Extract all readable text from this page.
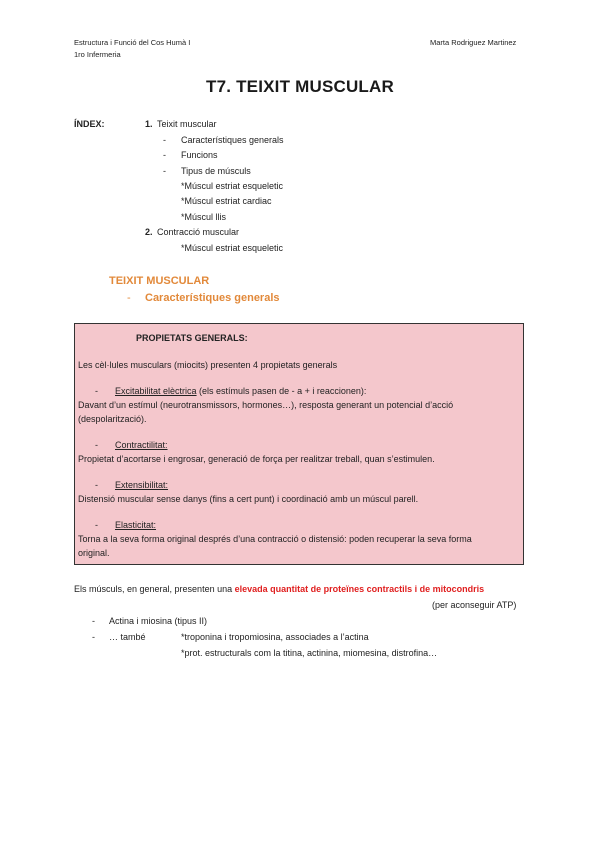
Estructura i Funció del Cos Humà I
1ro Infermeria
Marta Rodriguez Martinez
T7. TEIXIT MUSCULAR
ÍNDEX:	1. Teixit muscular
- Característiques generals
- Funcions
- Tipus de músculs
*Múscul estriat esqueletic
*Múscul estriat cardiac
*Múscul llis
2. Contracció muscular
*Múscul estriat esqueletic
TEIXIT MUSCULAR
- Característiques generals
PROPIETATS GENERALS:
Les cèl·lules musculars (miocits) presenten 4 propietats generals
- Excitabilitat elèctrica (els estímuls pasen de - a + i reaccionen):
Davant d’un estímul (neurotransmissors, hormones…), resposta generant un potencial d’acció
(despolarització).
- Contractilitat:
Propietat d’acortarse i engrosar, generació de força per realitzar treball, quan s’estimulen.
- Extensibilitat:
Distensió muscular sense danys (fins a cert punt) i coordinació amb un múscul parell.
- Elasticitat:
Torna a la seva forma original després d’una contracció o distensió: poden recuperar la seva forma
original.
Els músculs, en general, presenten una elevada quantitat de proteïnes contractils i de mitocondris
(per aconseguir ATP)
- Actina i miosina (tipus II)
- … també	*troponina i tropomiosina, associades a l’actina
*prot. estructurals com la titina, actinina, miomesina, distrofina…
